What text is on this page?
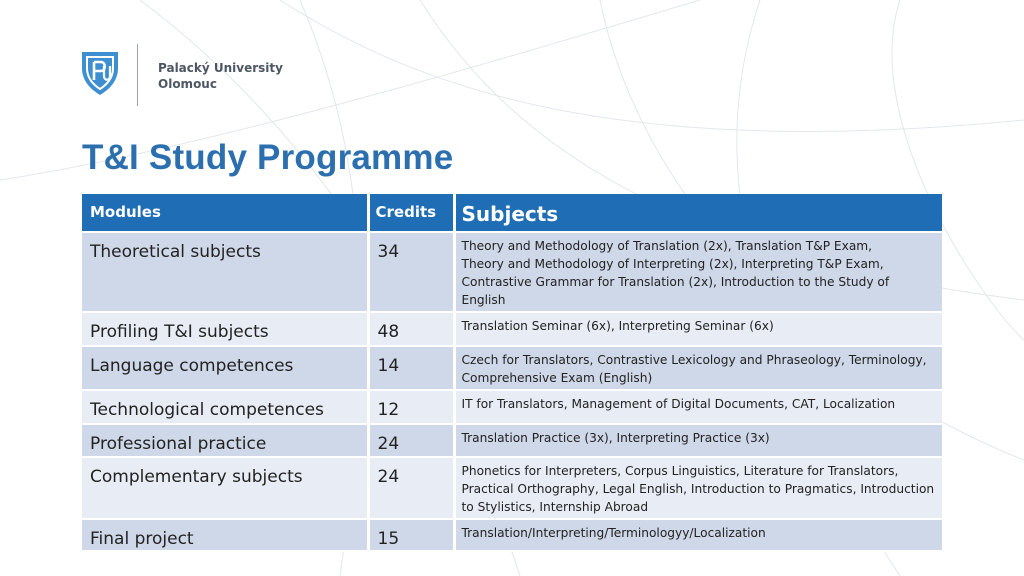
Palacký University
Olomouc
T&I Study Programme
Modules	Credits	Subjects
Theoretical subjects	34	Theory and Methodology of Translation (2x), Translation T&P Exam,
Theory and Methodology of Interpreting (2x), Interpreting T&P Exam,
Contrastive Grammar for Translation (2x), Introduction to the Study of English
Profiling T&I subjects	48	Translation Seminar (6x), Interpreting Seminar (6x)
Language competences	14	Czech for Translators, Contrastive Lexicology and Phraseology, Terminology,
Comprehensive Exam (English)
Technological competences	12	IT for Translators, Management of Digital Documents, CAT, Localization
Professional practice	24	Translation Practice (3x), Interpreting Practice (3x)
Complementary subjects	24	Phonetics for Interpreters, Corpus Linguistics, Literature for Translators,
Practical Orthography, Legal English, Introduction to Pragmatics, Introduction
to Stylistics, Internship Abroad
Final project	15	Translation/Interpreting/Terminologyy/Localization
